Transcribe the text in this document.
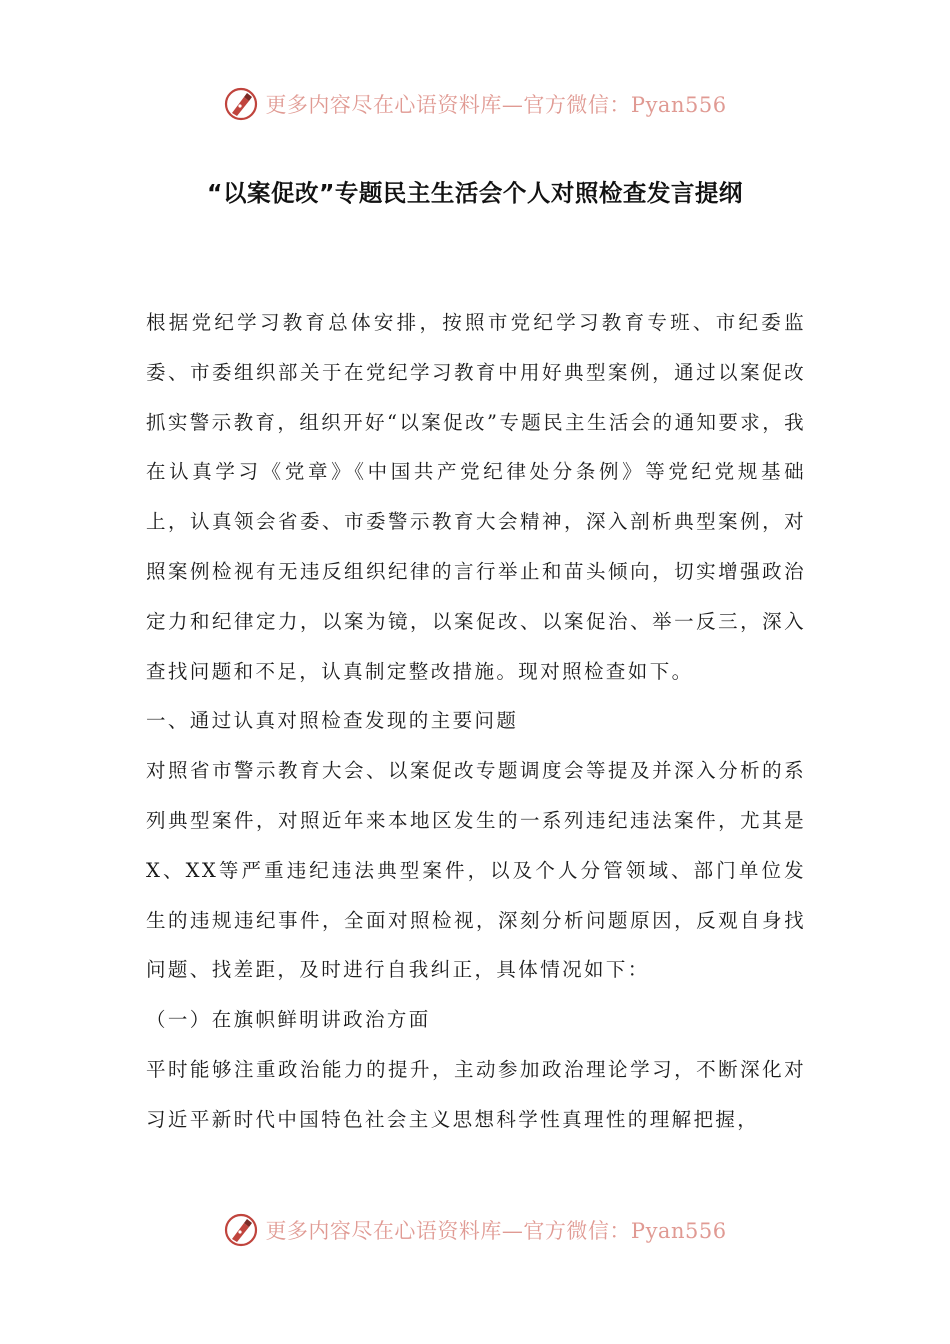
更多内容尽在心语资料库—官方微信：Pyan556
“以案促改”专题民主生活会个人对照检查发言提纲

根据党纪学习教育总体安排，按照市党纪学习教育专班、市纪委监委、市委组织部关于在党纪学习教育中用好典型案例，通过以案促改抓实警示教育，组织开好“以案促改”专题民主生活会的通知要求，我在认真学习《党章》《中国共产党纪律处分条例》等党纪党规基础上，认真领会省委、市委警示教育大会精神，深入剖析典型案例，对照案例检视有无违反组织纪律的言行举止和苗头倾向，切实增强政治定力和纪律定力，以案为镜，以案促改、以案促治、举一反三，深入查找问题和不足，认真制定整改措施。现对照检查如下。

一、通过认真对照检查发现的主要问题

对照省市警示教育大会、以案促改专题调度会等提及并深入分析的系列典型案件，对照近年来本地区发生的一系列违纪违法案件，尤其是X、XX等严重违纪违法典型案件，以及个人分管领域、部门单位发生的违规违纪事件，全面对照检视，深刻分析问题原因，反观自身找问题、找差距，及时进行自我纠正，具体情况如下：

（一）在旗帜鲜明讲政治方面

平时能够注重政治能力的提升，主动参加政治理论学习，不断深化对习近平新时代中国特色社会主义思想科学性真理性的理解把握，

更多内容尽在心语资料库—官方微信：Pyan556
